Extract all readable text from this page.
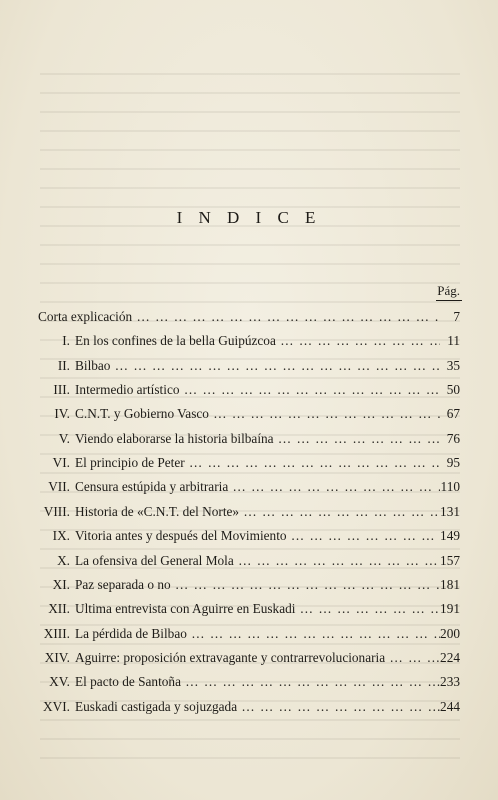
I N D I C E
Pág.
Corta explicación … … … … … … … … … … … … … … … … … … … … … … … … … … … … … … … … … … … … … … …	7
I. En los confines de la bella Guipúzcoa … … … … … … … … … … … … … … … … … … … … … … … … … … … … … … … … … … … … … … …	11
II. Bilbao … … … … … … … … … … … … … … … … … … … … … … … … … … … … … … … … … … … … … … …	35
III. Intermedio artístico … … … … … … … … … … … … … … … … … … … … … … … … … … … … … … … … … … … … … … …	50
IV. C.N.T. y Gobierno Vasco … … … … … … … … … … … … … … … … … … … … … … … … … … … … … … … … … … … … … … …	67
V. Viendo elaborarse la historia bilbaína … … … … … … … … … … … … … … … … … … … … … … … … … … … … … … … … … … … … … … …	76
VI. El principio de Peter … … … … … … … … … … … … … … … … … … … … … … … … … … … … … … … … … … … … … … …	95
VII. Censura estúpida y arbitraria … … … … … … … … … … … … … … … … … … … … … … … … … … … … … … … … … … … … … … …	110
VIII. Historia de «C.N.T. del Norte» … … … … … … … … … … … … … … … … … … … … … … … … … … … … … … … … … … … … … … …	131
IX. Vitoria antes y después del Movimiento … … … … … … … … … … … … … … … … … … … … … … … … … … … … … … … … … … … … … … …	149
X. La ofensiva del General Mola … … … … … … … … … … … … … … … … … … … … … … … … … … … … … … … … … … … … … … …	157
XI. Paz separada o no … … … … … … … … … … … … … … … … … … … … … … … … … … … … … … … … … … … … … … …	181
XII. Ultima entrevista con Aguirre en Euskadi … … … … … … … … … … … … … … … … … … … … … … … … … … … … … … … … … … … … … … …	191
XIII. La pérdida de Bilbao … … … … … … … … … … … … … … … … … … … … … … … … … … … … … … … … … … … … … … …	200
XIV. Aguirre: proposición extravagante y contrarrevolucionaria … … … … … … … … … … … … … … … … … … … … … … … … … … … … … … … … … … … … … … …	224
XV. El pacto de Santoña … … … … … … … … … … … … … … … … … … … … … … … … … … … … … … … … … … … … … … …	233
XVI. Euskadi castigada y sojuzgada … … … … … … … … … … … … … … … … … … … … … … … … … … … … … … … … … … … … … … …	244
